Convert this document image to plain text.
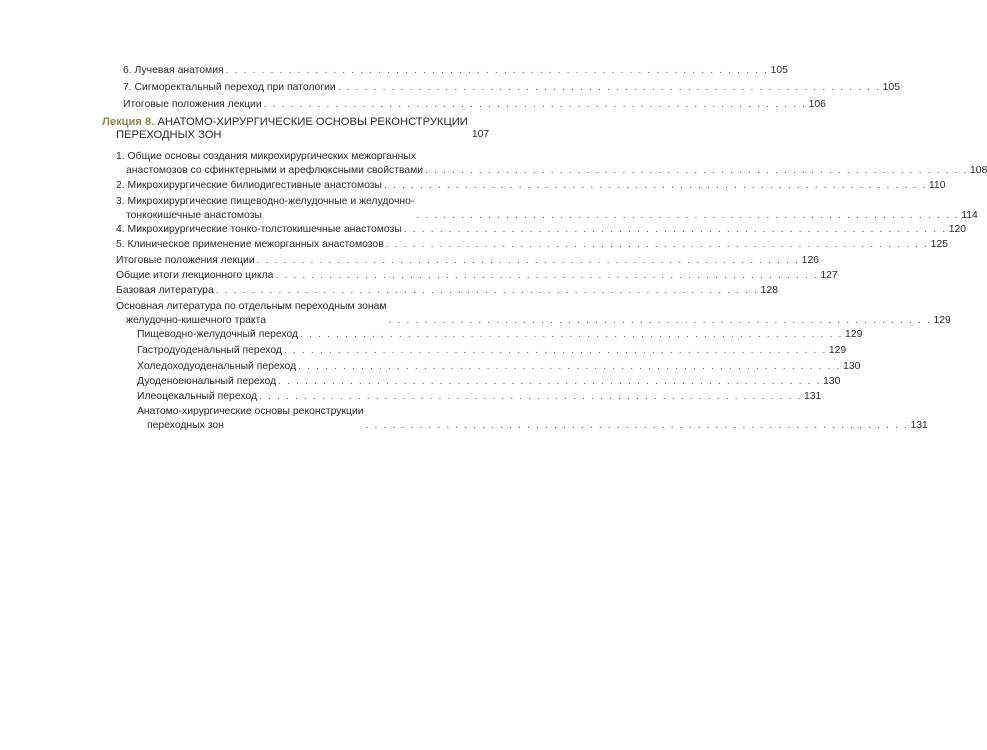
6. Лучевая анатомия . . . . . . . . . . . . . . . . . . . . . . . . . . . . . . . . . . . . . . . . . . . . . . . . . . . . . . . . . . . . . 105
7. Сигморектальный переход при патологии . . . . . . . . . . . . . . . . . . . . . . . . . . . . . . . . . . . . . . . . . . . . . . . . . . . . . . . . . . . . . 105
Итоговые положения лекции . . . . . . . . . . . . . . . . . . . . . . . . . . . . . . . . . . . . . . . . . . . . . . . . . . . . . . . . . . . . . 106
Лекция 8. АНАТОМО-ХИРУРГИЧЕСКИЕ ОСНОВЫ РЕКОНСТРУКЦИИ
ПЕРЕХОДНЫХ ЗОН	107
1. Общие основы создания микрохирургических межорганных
анастомозов со сфинктерными и арефлюксными свойствами . . . . . . . . . . . . . . . . . . . . . . . . . . . . . . . . . . . . . . . . . . . . . . . . . . . . . . . . . . . . . 108
2. Микрохирургические билиодигестивные анастомозы . . . . . . . . . . . . . . . . . . . . . . . . . . . . . . . . . . . . . . . . . . . . . . . . . . . . . . . . . . . . . 110
3. Микрохирургические пищеводно-желудочные и желудочно-
тонкокишечные анастомозы	. . . . . . . . . . . . . . . . . . . . . . . . . . . . . . . . . . . . . . . . . . . . . . . . . . . . . . . . . . . . . 114
4. Микрохирургические тонко-толстокишечные анастомозы . . . . . . . . . . . . . . . . . . . . . . . . . . . . . . . . . . . . . . . . . . . . . . . . . . . . . . . . . . . . . 120
5. Клиническое применение межорганных анастомозов . . . . . . . . . . . . . . . . . . . . . . . . . . . . . . . . . . . . . . . . . . . . . . . . . . . . . . . . . . . . . 125
Итоговые положения лекции . . . . . . . . . . . . . . . . . . . . . . . . . . . . . . . . . . . . . . . . . . . . . . . . . . . . . . . . . . . . . 126
Общие итоги лекционного цикла . . . . . . . . . . . . . . . . . . . . . . . . . . . . . . . . . . . . . . . . . . . . . . . . . . . . . . . . . . . . . 127
Базовая литература . . . . . . . . . . . . . . . . . . . . . . . . . . . . . . . . . . . . . . . . . . . . . . . . . . . . . . . . . . . . . 128
Основная литература по отдельным переходным зонам
желудочно-кишечного тракта	. . . . . . . . . . . . . . . . . . . . . . . . . . . . . . . . . . . . . . . . . . . . . . . . . . . . . . . . . . . . . 129
Пищеводно-желудочный переход . . . . . . . . . . . . . . . . . . . . . . . . . . . . . . . . . . . . . . . . . . . . . . . . . . . . . . . . . . . . . 129
Гастродуоденальный переход . . . . . . . . . . . . . . . . . . . . . . . . . . . . . . . . . . . . . . . . . . . . . . . . . . . . . . . . . . . . . 129
Холедоходуоденальный переход . . . . . . . . . . . . . . . . . . . . . . . . . . . . . . . . . . . . . . . . . . . . . . . . . . . . . . . . . . . . . 130
Дуоденоеюнальный переход . . . . . . . . . . . . . . . . . . . . . . . . . . . . . . . . . . . . . . . . . . . . . . . . . . . . . . . . . . . . . 130
Илеоцекальный переход . . . . . . . . . . . . . . . . . . . . . . . . . . . . . . . . . . . . . . . . . . . . . . . . . . . . . . . . . . . . . 131
Анатомо-хирургические основы реконструкции
переходных зон	. . . . . . . . . . . . . . . . . . . . . . . . . . . . . . . . . . . . . . . . . . . . . . . . . . . . . . . . . . . . . 131
